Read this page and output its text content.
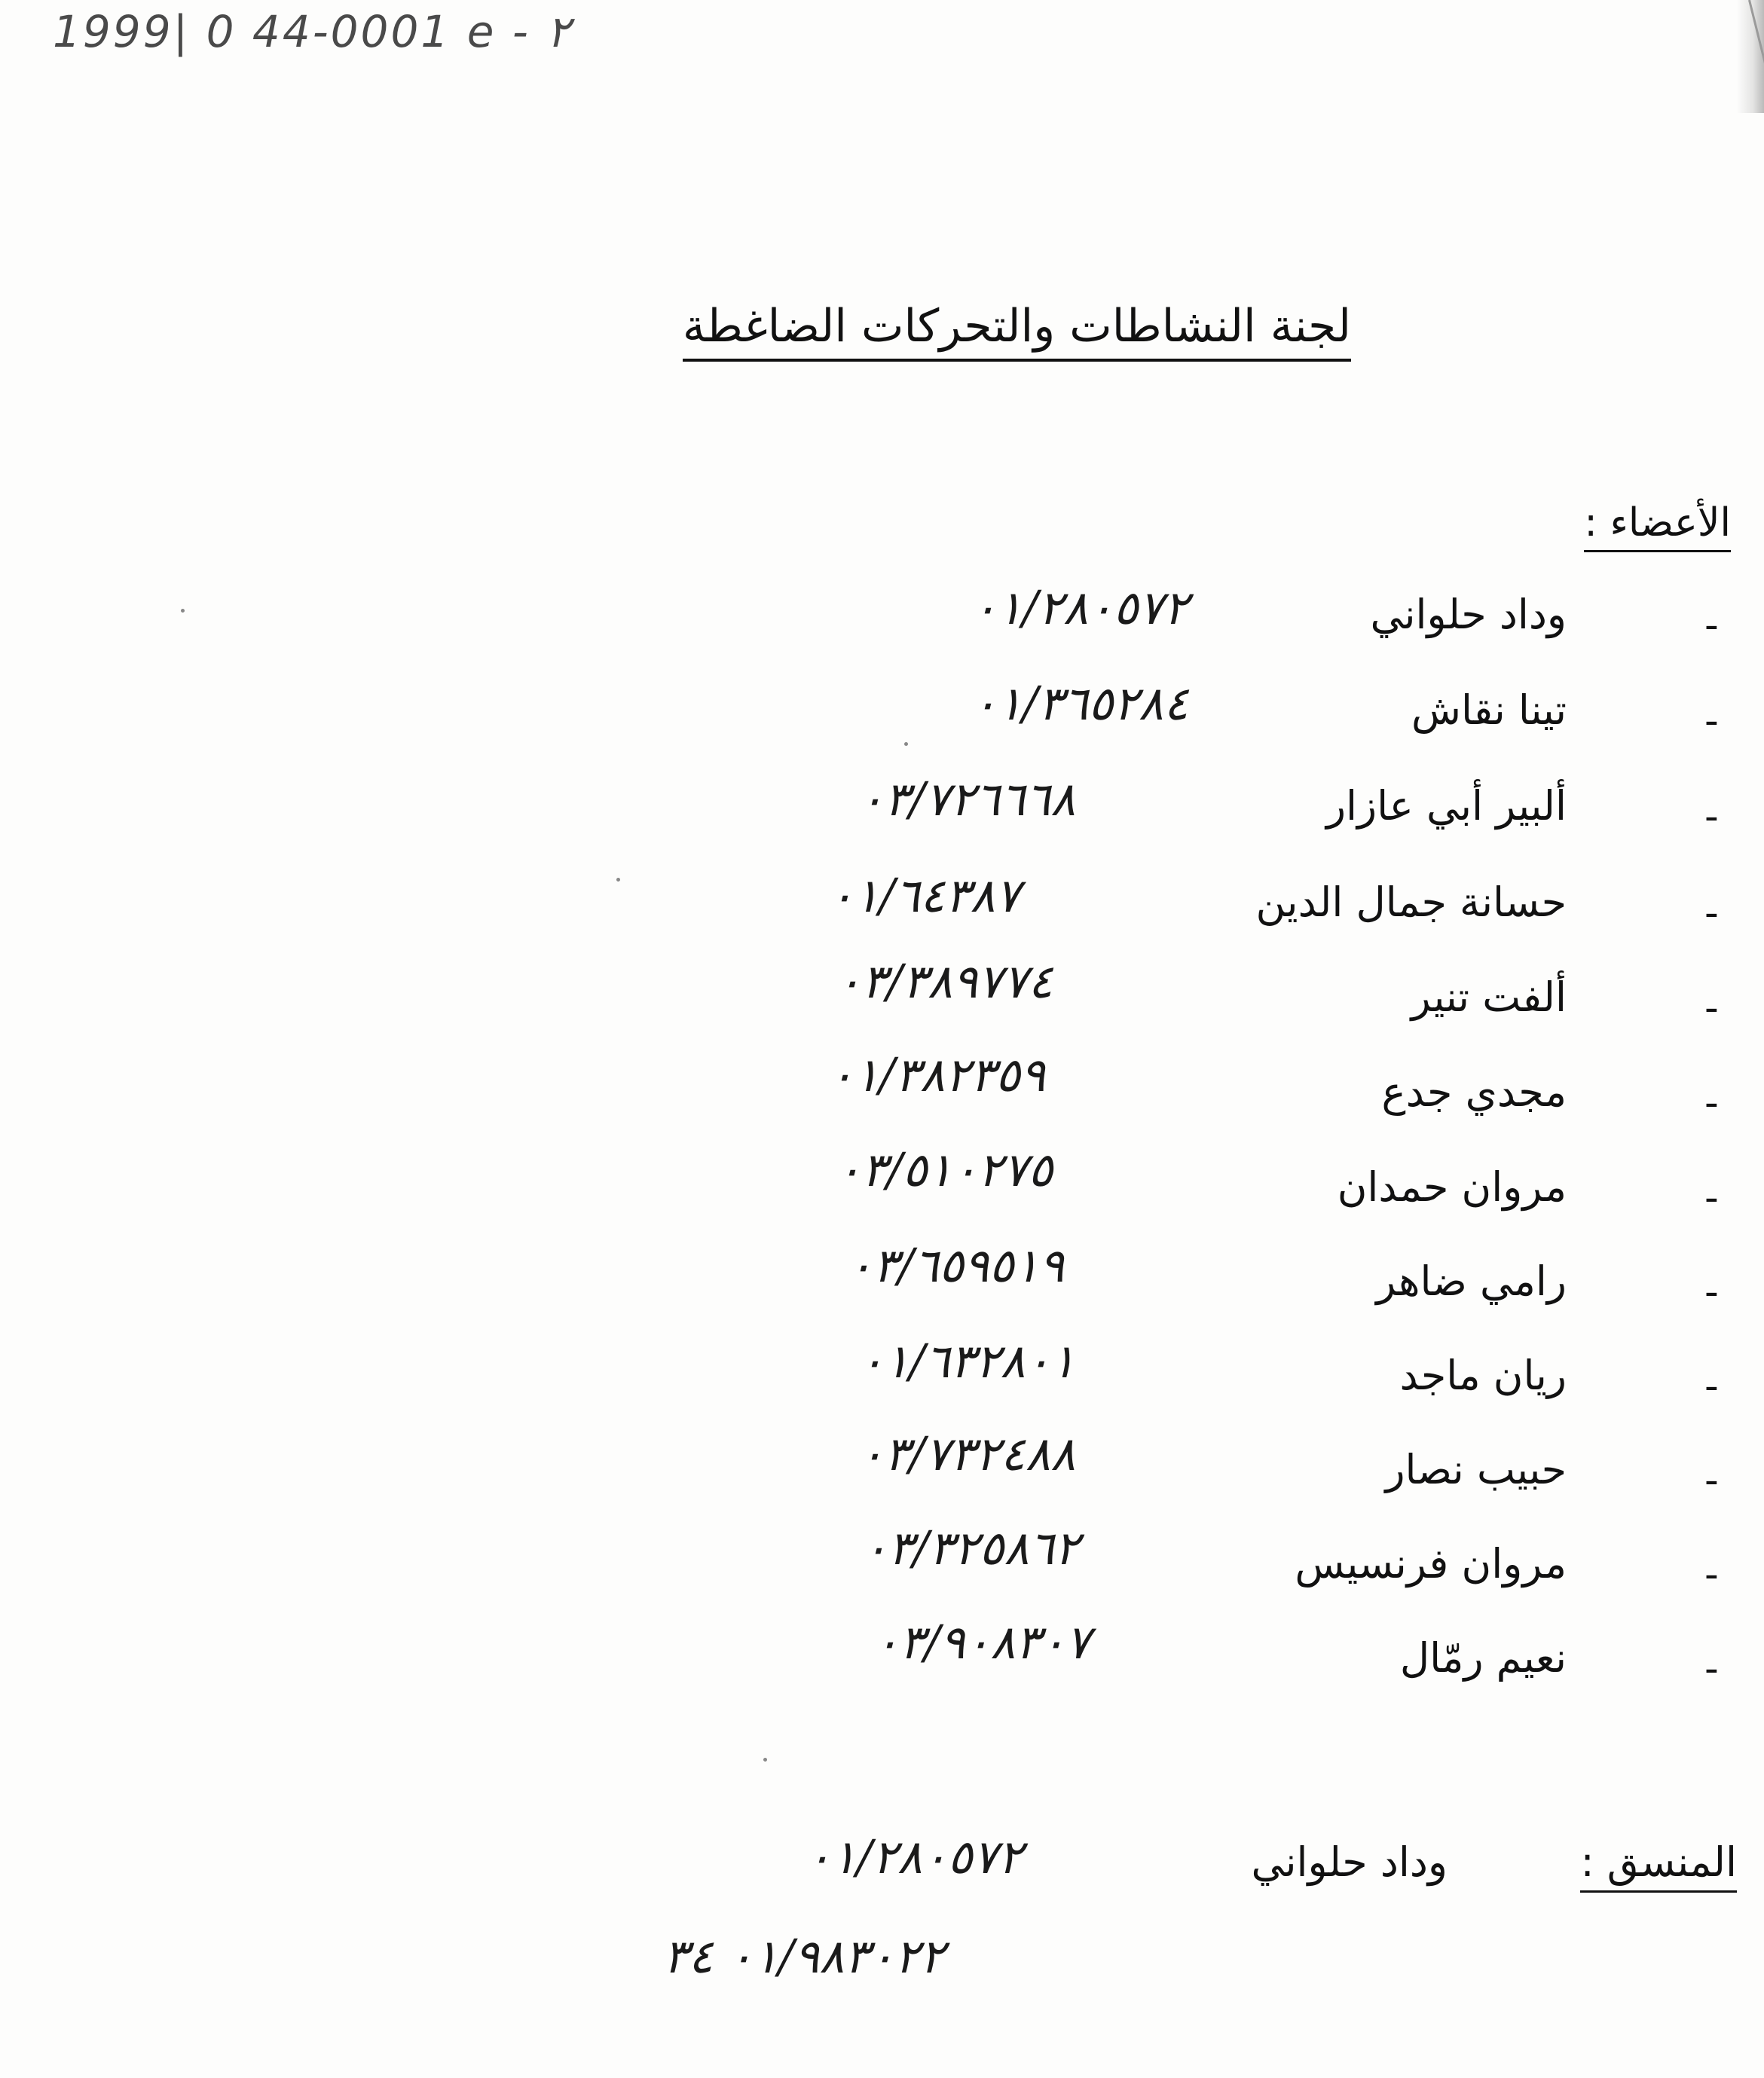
1999| 0 44-0001 e - ٢
لجنة النشاطات والتحركات الضاغطة
الأعضاء :
-
وداد حلواني
٠١/٢٨٠٥٧٢
-
تينا نقاش
٠١/٣٦٥٢٨٤
-
ألبير أبي عازار
٠٣/٧٢٦٦٦٨
-
حسانة جمال الدين
٠١/٦٤٣٨٧
-
ألفت تنير
٠٣/٣٨٩٧٧٤
-
مجدي جدع
٠١/٣٨٢٣٥٩
-
مروان حمدان
٠٣/٥١٠٢٧٥
-
رامي ضاهر
٠٣/٦٥٩٥١٩
-
ريان ماجد
٠١/٦٣٢٨٠١
-
حبيب نصار
٠٣/٧٣٢٤٨٨
-
مروان فرنسيس
٠٣/٣٢٥٨٦٢
-
نعيم رمّال
٠٣/٩٠٨٣٠٧
المنسق :
وداد حلواني
٠١/٢٨٠٥٧٢
٠١/٩٨٣٠٢٢ ٣٤
